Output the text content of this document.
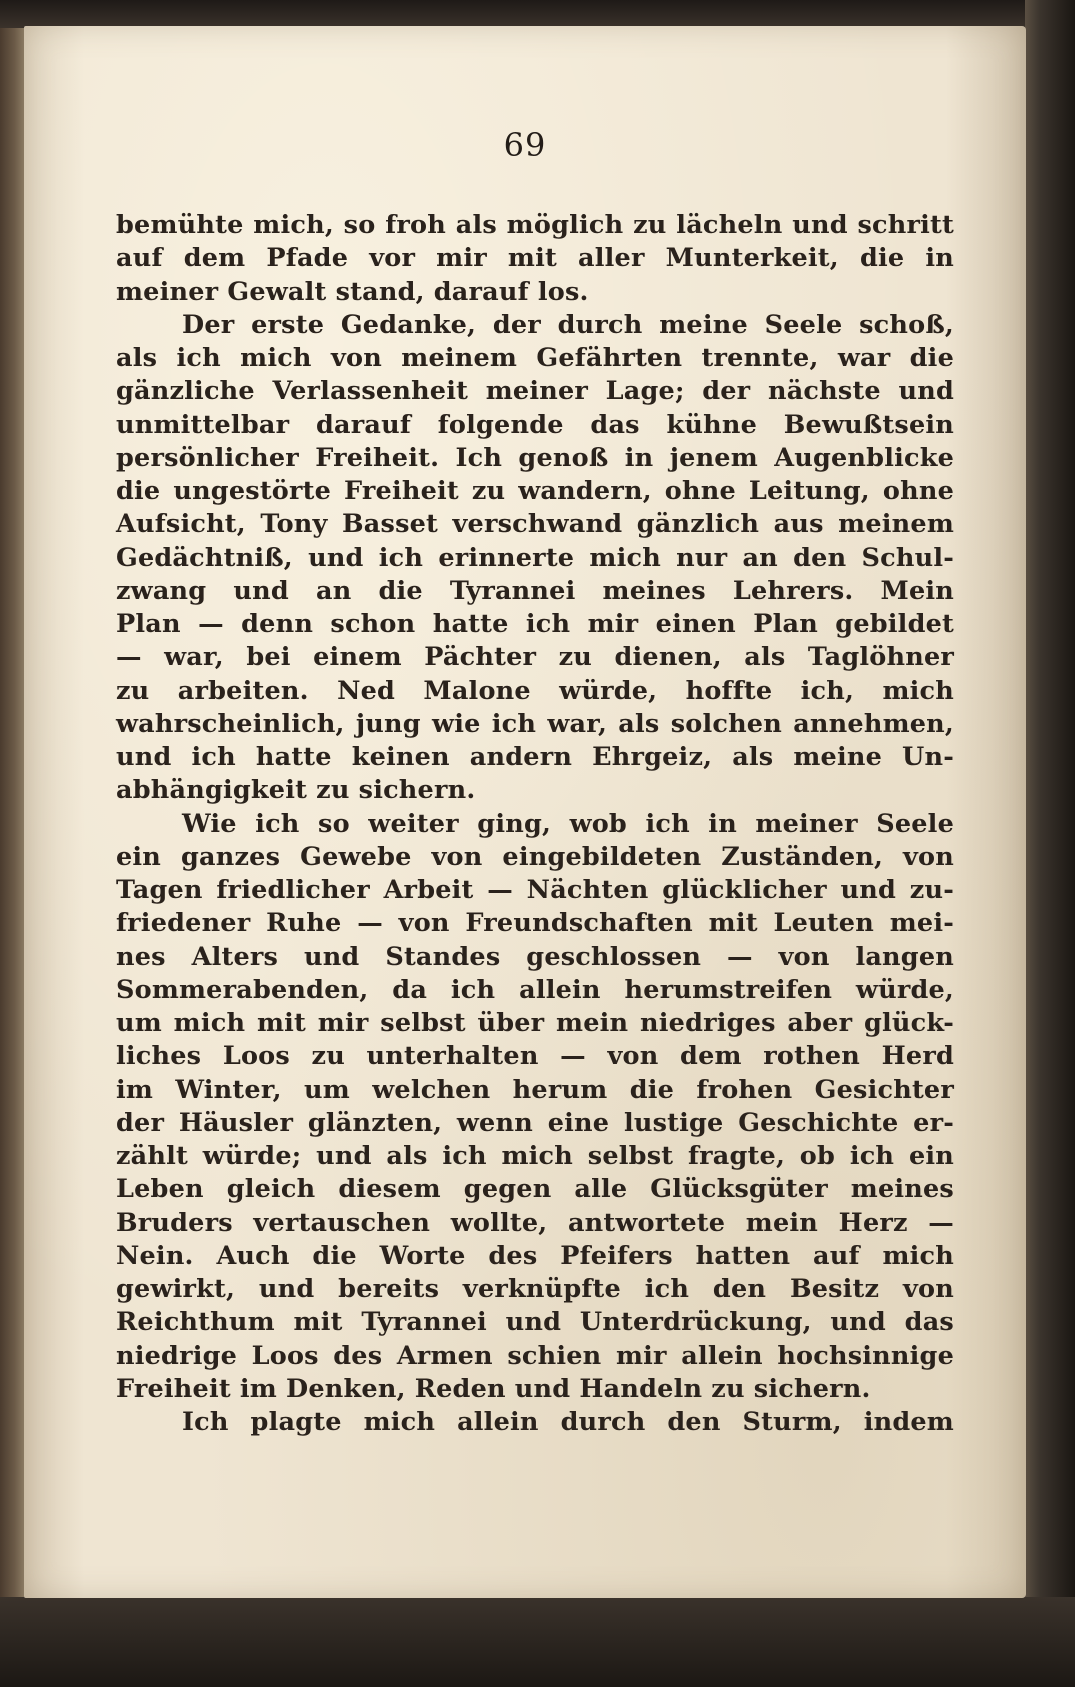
69
bemühte mich, so froh als möglich zu lächeln und schritt
auf dem Pfade vor mir mit aller Munterkeit, die in
meiner Gewalt stand, darauf los.
Der erste Gedanke, der durch meine Seele schoß,
als ich mich von meinem Gefährten trennte, war die
gänzliche Verlassenheit meiner Lage; der nächste und
unmittelbar darauf folgende das kühne Bewußtsein
persönlicher Freiheit. Ich genoß in jenem Augenblicke
die ungestörte Freiheit zu wandern, ohne Leitung, ohne
Aufsicht, Tony Basset verschwand gänzlich aus meinem
Gedächtniß, und ich erinnerte mich nur an den Schul-
zwang und an die Tyrannei meines Lehrers. Mein
Plan — denn schon hatte ich mir einen Plan gebildet
— war, bei einem Pächter zu dienen, als Taglöhner
zu arbeiten. Ned Malone würde, hoffte ich, mich
wahrscheinlich, jung wie ich war, als solchen annehmen,
und ich hatte keinen andern Ehrgeiz, als meine Un-
abhängigkeit zu sichern.
Wie ich so weiter ging, wob ich in meiner Seele
ein ganzes Gewebe von eingebildeten Zuständen, von
Tagen friedlicher Arbeit — Nächten glücklicher und zu-
friedener Ruhe — von Freundschaften mit Leuten mei-
nes Alters und Standes geschlossen — von langen
Sommerabenden, da ich allein herumstreifen würde,
um mich mit mir selbst über mein niedriges aber glück-
liches Loos zu unterhalten — von dem rothen Herd
im Winter, um welchen herum die frohen Gesichter
der Häusler glänzten, wenn eine lustige Geschichte er-
zählt würde; und als ich mich selbst fragte, ob ich ein
Leben gleich diesem gegen alle Glücksgüter meines
Bruders vertauschen wollte, antwortete mein Herz —
Nein. Auch die Worte des Pfeifers hatten auf mich
gewirkt, und bereits verknüpfte ich den Besitz von
Reichthum mit Tyrannei und Unterdrückung, und das
niedrige Loos des Armen schien mir allein hochsinnige
Freiheit im Denken, Reden und Handeln zu sichern.
Ich plagte mich allein durch den Sturm, indem
